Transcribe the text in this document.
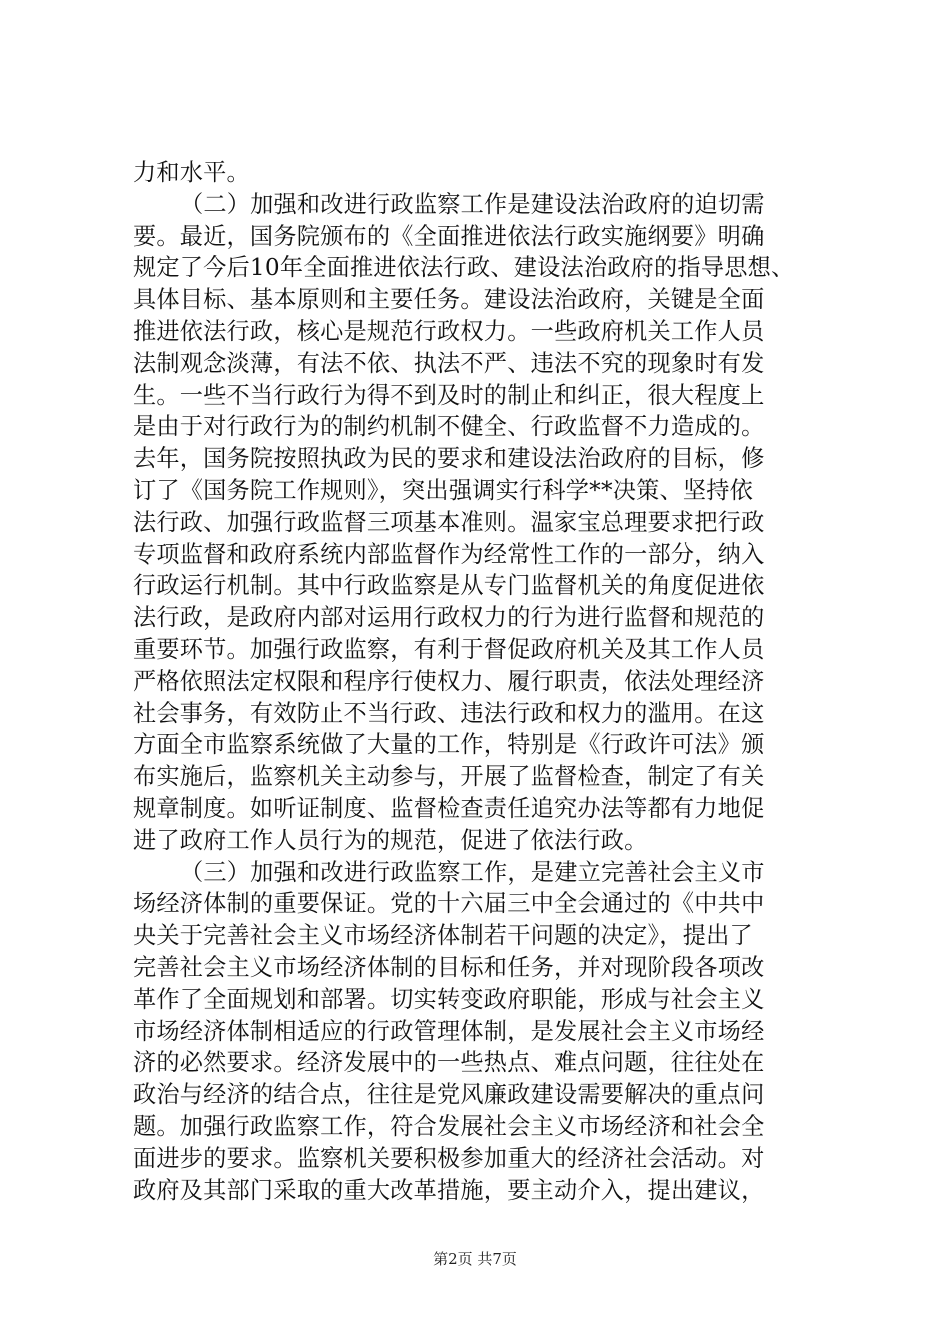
力和水平。
（二）加强和改进行政监察工作是建设法治政府的迫切需
要。最近，国务院颁布的《全面推进依法行政实施纲要》明确
规定了今后10年全面推进依法行政、建设法治政府的指导思想、
具体目标、基本原则和主要任务。建设法治政府，关键是全面
推进依法行政，核心是规范行政权力。一些政府机关工作人员
法制观念淡薄，有法不依、执法不严、违法不究的现象时有发
生。一些不当行政行为得不到及时的制止和纠正，很大程度上
是由于对行政行为的制约机制不健全、行政监督不力造成的。
去年，国务院按照执政为民的要求和建设法治政府的目标，修
订了《国务院工作规则》，突出强调实行科学**决策、坚持依
法行政、加强行政监督三项基本准则。温家宝总理要求把行政
专项监督和政府系统内部监督作为经常性工作的一部分，纳入
行政运行机制。其中行政监察是从专门监督机关的角度促进依
法行政，是政府内部对运用行政权力的行为进行监督和规范的
重要环节。加强行政监察，有利于督促政府机关及其工作人员
严格依照法定权限和程序行使权力、履行职责，依法处理经济
社会事务，有效防止不当行政、违法行政和权力的滥用。在这
方面全市监察系统做了大量的工作，特别是《行政许可法》颁
布实施后，监察机关主动参与，开展了监督检查，制定了有关
规章制度。如听证制度、监督检查责任追究办法等都有力地促
进了政府工作人员行为的规范，促进了依法行政。
（三）加强和改进行政监察工作，是建立完善社会主义市
场经济体制的重要保证。党的十六届三中全会通过的《中共中
央关于完善社会主义市场经济体制若干问题的决定》，提出了
完善社会主义市场经济体制的目标和任务，并对现阶段各项改
革作了全面规划和部署。切实转变政府职能，形成与社会主义
市场经济体制相适应的行政管理体制，是发展社会主义市场经
济的必然要求。经济发展中的一些热点、难点问题，往往处在
政治与经济的结合点，往往是党风廉政建设需要解决的重点问
题。加强行政监察工作，符合发展社会主义市场经济和社会全
面进步的要求。监察机关要积极参加重大的经济社会活动。对
政府及其部门采取的重大改革措施，要主动介入，提出建议，
第2页 共7页
